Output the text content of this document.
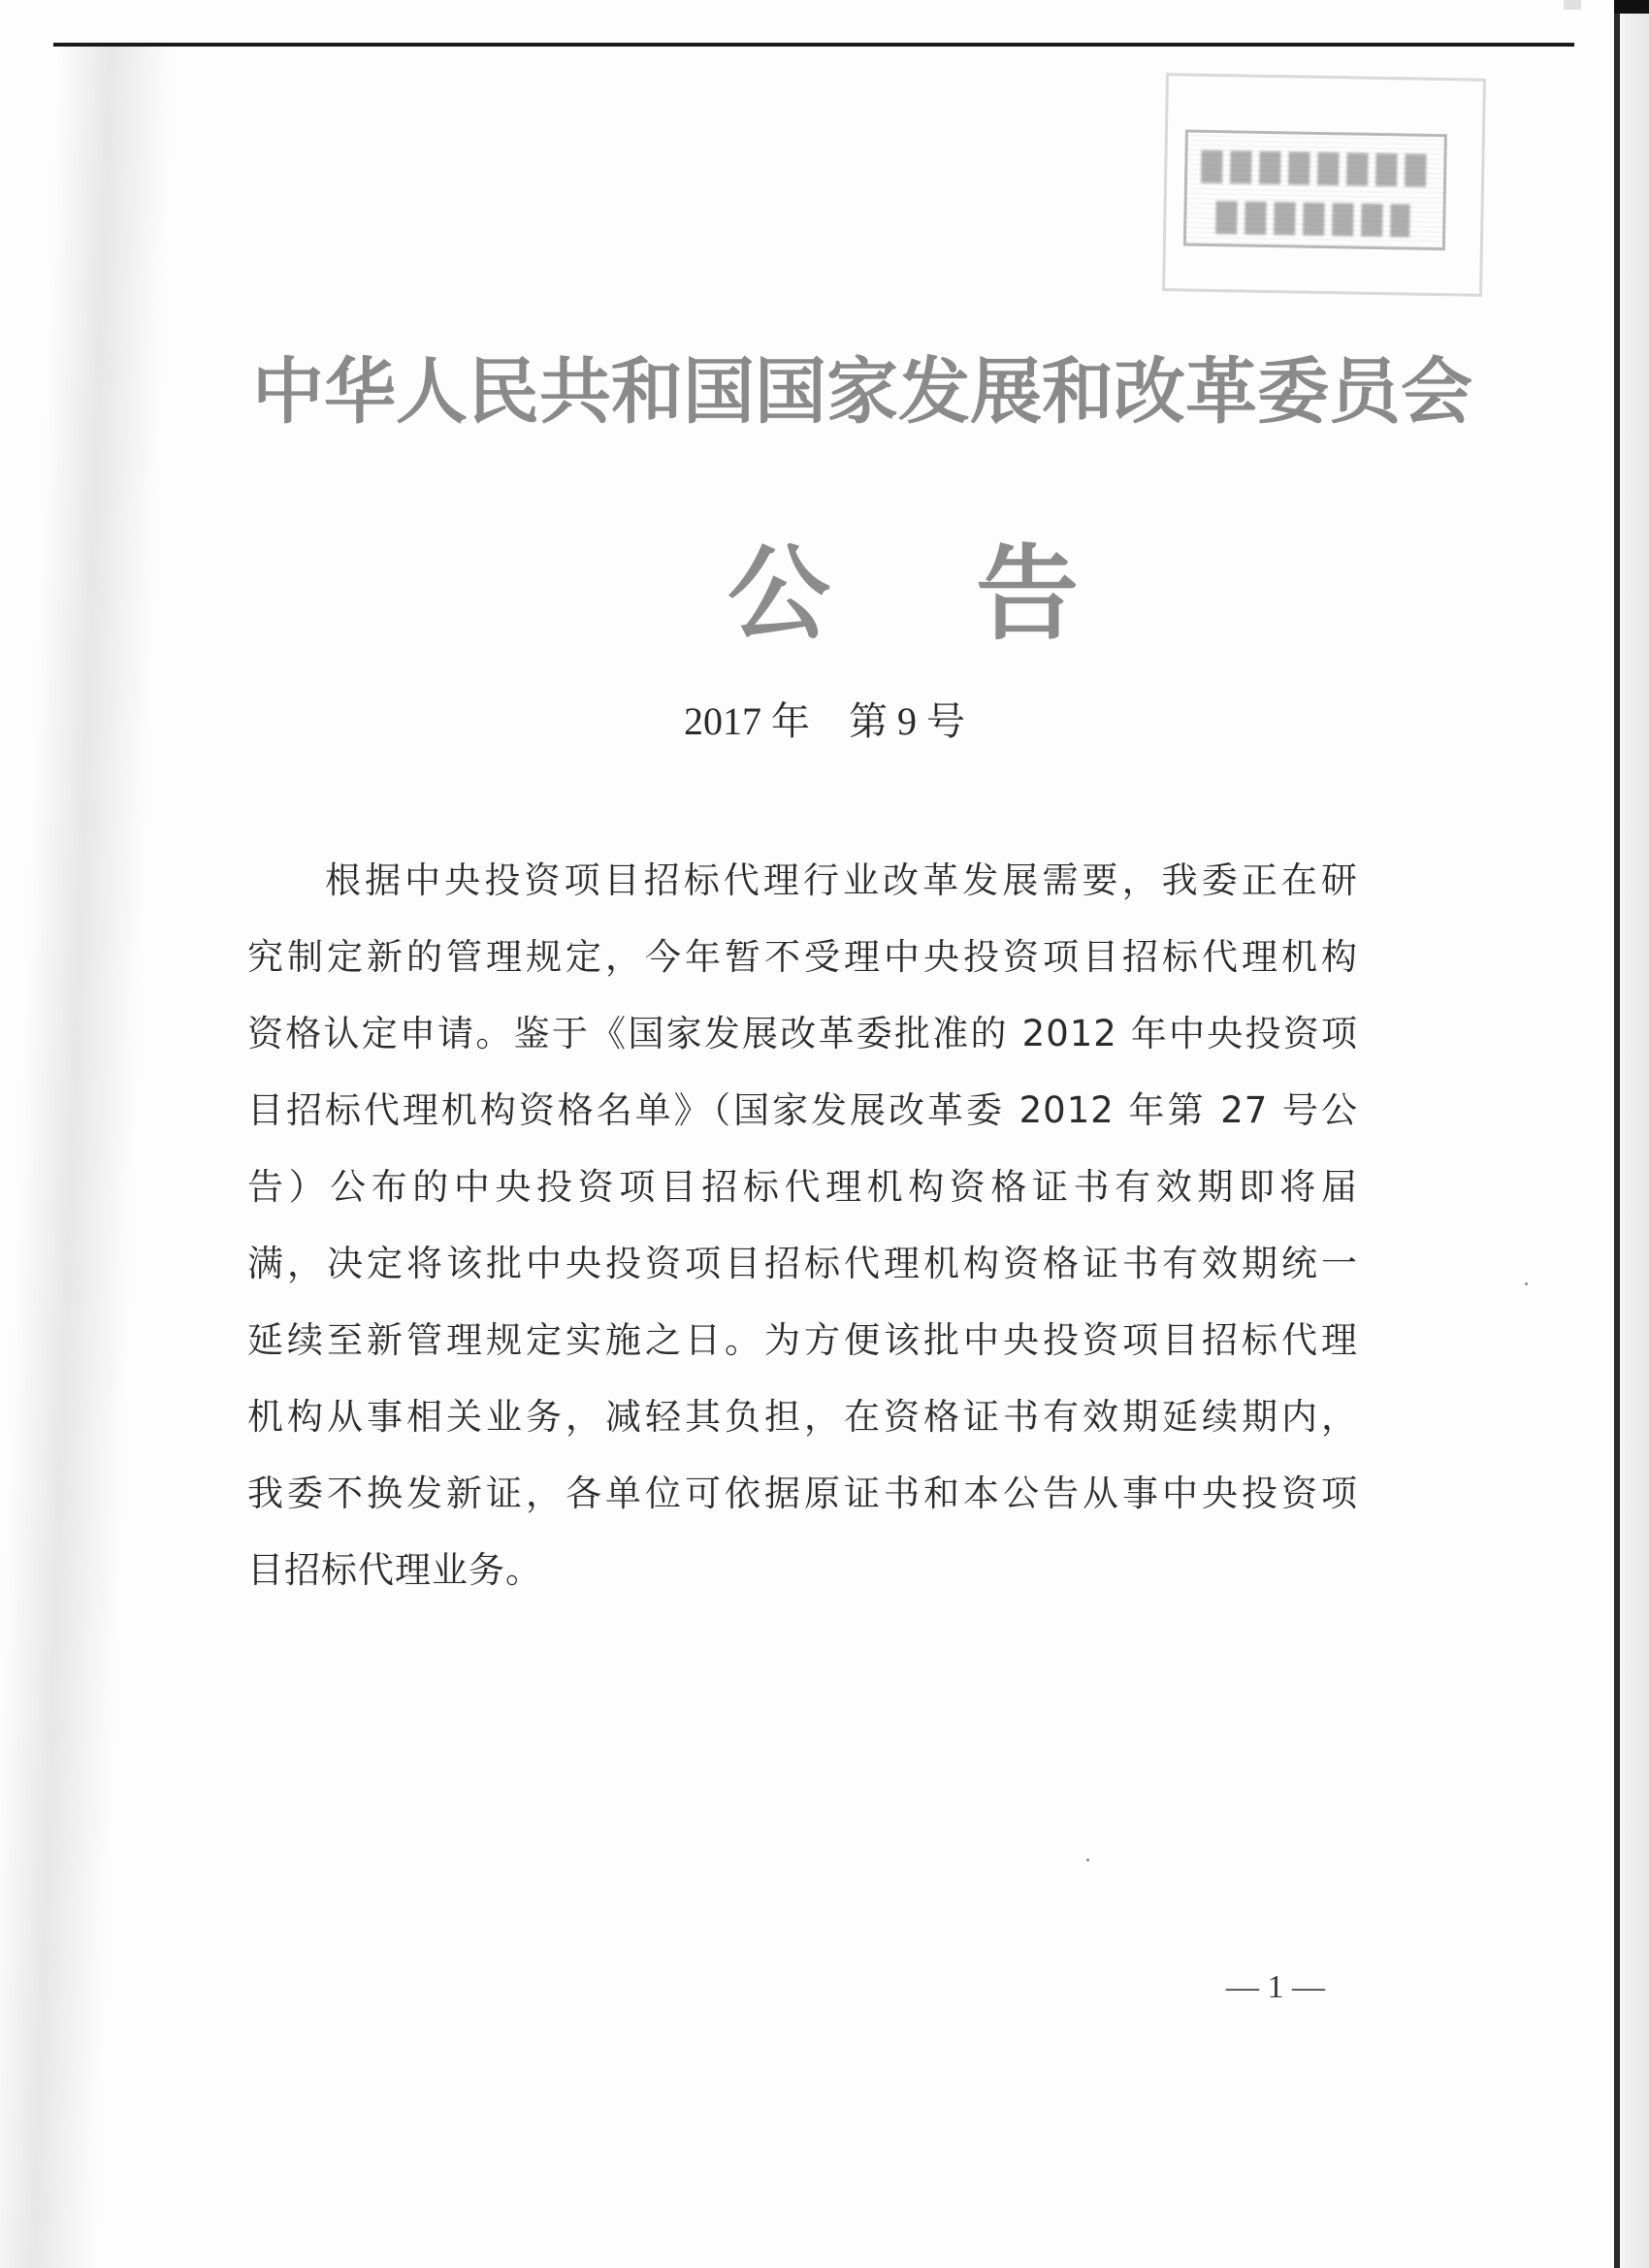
中华人民共和国国家发展和改革委员会
公告
2017 年 第 9 号
根据中央投资项目招标代理行业改革发展需要，我委正在研
究制定新的管理规定，今年暂不受理中央投资项目招标代理机构
资格认定申请。鉴于《国家发展改革委批准的 2012 年中央投资项
目招标代理机构资格名单》（国家发展改革委 2012 年第 27 号公
告）公布的中央投资项目招标代理机构资格证书有效期即将届
满，决定将该批中央投资项目招标代理机构资格证书有效期统一
延续至新管理规定实施之日。为方便该批中央投资项目招标代理
机构从事相关业务，减轻其负担，在资格证书有效期延续期内，
我委不换发新证，各单位可依据原证书和本公告从事中央投资项
目招标代理业务。
— 1 —
